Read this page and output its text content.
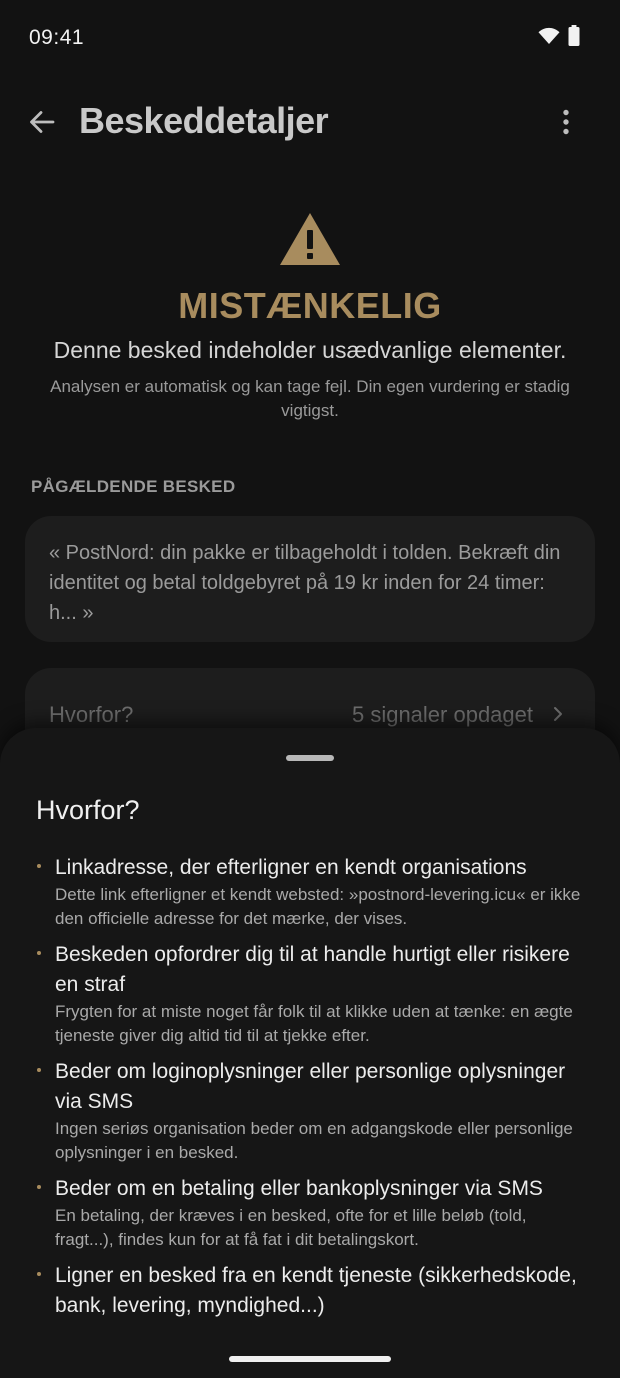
09:41
Beskeddetaljer
MISTÆNKELIG
Denne besked indeholder usædvanlige elementer.
Analysen er automatisk og kan tage fejl. Din egen vurdering er stadig vigtigst.
PÅGÆLDENDE BESKED
« PostNord: din pakke er tilbageholdt i tolden. Bekræft din identitet og betal toldgebyret på 19 kr inden for 24 timer: h... »
Hvorfor?	5 signaler opdaget
Hvorfor?
Linkadresse, der efterligner en kendt organisations
Dette link efterligner et kendt websted: »postnord-levering.icu« er ikke den officielle adresse for det mærke, der vises.
Beskeden opfordrer dig til at handle hurtigt eller risikere en straf
Frygten for at miste noget får folk til at klikke uden at tænke: en ægte tjeneste giver dig altid tid til at tjekke efter.
Beder om loginoplysninger eller personlige oplysninger via SMS
Ingen seriøs organisation beder om en adgangskode eller personlige oplysninger i en besked.
Beder om en betaling eller bankoplysninger via SMS
En betaling, der kræves i en besked, ofte for et lille beløb (told, fragt...), findes kun for at få fat i dit betalingskort.
Ligner en besked fra en kendt tjeneste (sikkerhedskode, bank, levering, myndighed...)
